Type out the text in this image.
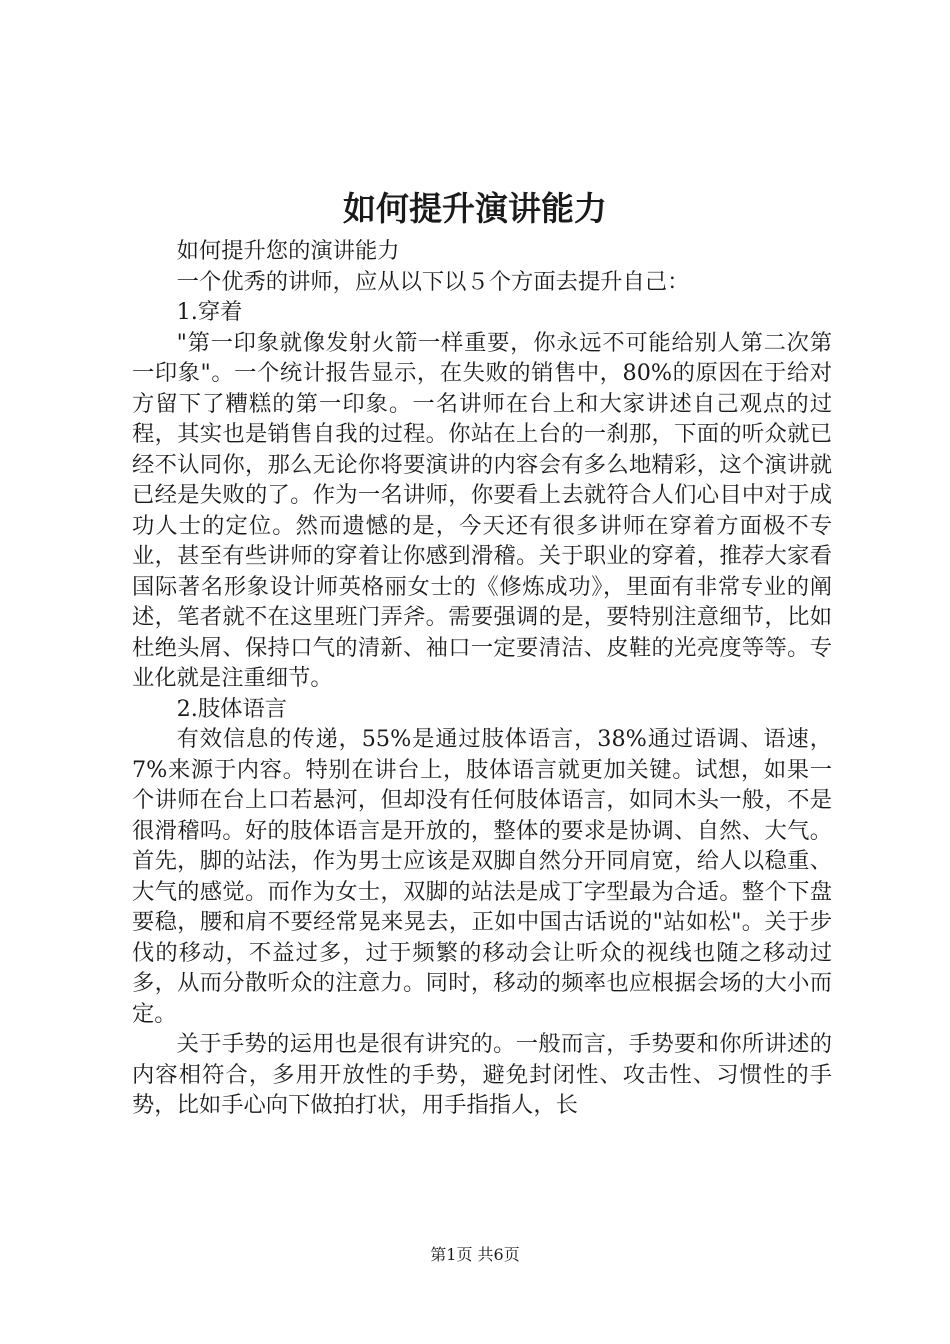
如何提升演讲能力

如何提升您的演讲能力

一个优秀的讲师，应从以下以５个方面去提升自己：

1.穿着

"第一印象就像发射火箭一样重要，你永远不可能给别人第二次第一印象"。一个统计报告显示，在失败的销售中，80%的原因在于给对方留下了糟糕的第一印象。一名讲师在台上和大家讲述自己观点的过程，其实也是销售自我的过程。你站在上台的一刹那，下面的听众就已经不认同你，那么无论你将要演讲的内容会有多么地精彩，这个演讲就已经是失败的了。作为一名讲师，你要看上去就符合人们心目中对于成功人士的定位。然而遗憾的是，今天还有很多讲师在穿着方面极不专业，甚至有些讲师的穿着让你感到滑稽。关于职业的穿着，推荐大家看国际著名形象设计师英格丽女士的《修炼成功》，里面有非常专业的阐述，笔者就不在这里班门弄斧。需要强调的是，要特别注意细节，比如杜绝头屑、保持口气的清新、袖口一定要清洁、皮鞋的光亮度等等。专业化就是注重细节。

2.肢体语言

有效信息的传递，55%是通过肢体语言，38%通过语调、语速，7%来源于内容。特别在讲台上，肢体语言就更加关键。试想，如果一个讲师在台上口若悬河，但却没有任何肢体语言，如同木头一般，不是很滑稽吗。好的肢体语言是开放的，整体的要求是协调、自然、大气。首先，脚的站法，作为男士应该是双脚自然分开同肩宽，给人以稳重、大气的感觉。而作为女士，双脚的站法是成丁字型最为合适。整个下盘要稳，腰和肩不要经常晃来晃去，正如中国古话说的"站如松"。关于步伐的移动，不益过多，过于频繁的移动会让听众的视线也随之移动过多，从而分散听众的注意力。同时，移动的频率也应根据会场的大小而定。

关于手势的运用也是很有讲究的。一般而言，手势要和你所讲述的内容相符合，多用开放性的手势，避免封闭性、攻击性、习惯性的手势，比如手心向下做拍打状，用手指指人，长

第1页 共6页
